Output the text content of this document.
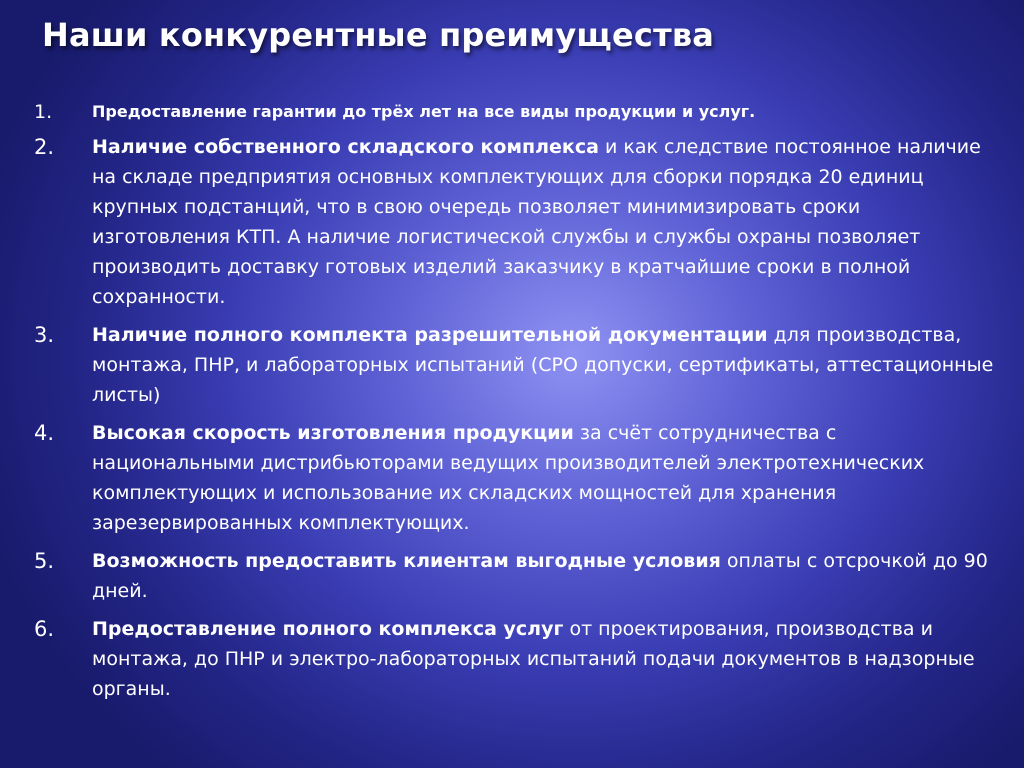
Наши конкурентные преимущества
1. Предоставление гарантии до трёх лет на все виды продукции и услуг.
2. Наличие собственного складского комплекса и как следствие постоянное наличие на складе предприятия основных комплектующих для сборки порядка 20 единиц крупных подстанций, что в свою очередь позволяет минимизировать сроки изготовления КТП. А наличие логистической службы и службы охраны позволяет производить доставку готовых изделий заказчику в кратчайшие сроки в полной сохранности.
3. Наличие полного комплекта разрешительной документации для производства, монтажа, ПНР, и лабораторных испытаний (СРО допуски, сертификаты, аттестационные листы)
4. Высокая скорость изготовления продукции за счёт сотрудничества с национальными дистрибьюторами ведущих производителей электротехнических комплектующих и использование их складских мощностей для хранения зарезервированных комплектующих.
5. Возможность предоставить клиентам выгодные условия оплаты с отсрочкой до 90 дней.
6. Предоставление полного комплекса услуг от проектирования, производства и монтажа, до ПНР и электро-лабораторных испытаний подачи документов в надзорные органы.
